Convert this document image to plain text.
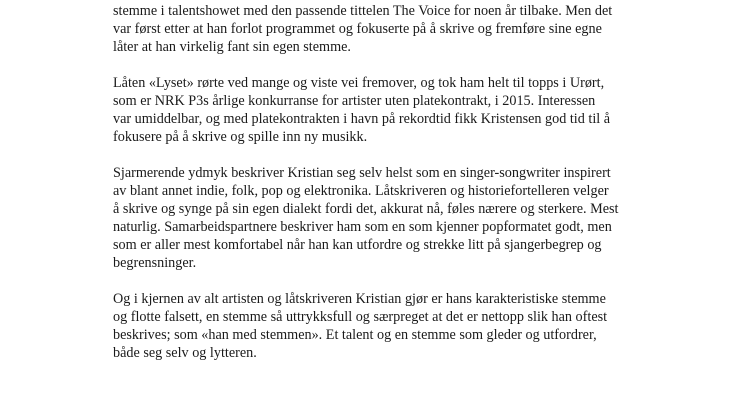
stemme i talentshowet med den passende tittelen The Voice for noen år tilbake. Men det
var først etter at han forlot programmet og fokuserte på å skrive og fremføre sine egne
låter at han virkelig fant sin egen stemme.

Låten «Lyset» rørte ved mange og viste vei fremover, og tok ham helt til topps i Urørt,
som er NRK P3s årlige konkurranse for artister uten platekontrakt, i 2015. Interessen
var umiddelbar, og med platekontrakten i havn på rekordtid fikk Kristensen god tid til å
fokusere på å skrive og spille inn ny musikk.

Sjarmerende ydmyk beskriver Kristian seg selv helst som en singer-songwriter inspirert
av blant annet indie, folk, pop og elektronika. Låtskriveren og historiefortelleren velger
å skrive og synge på sin egen dialekt fordi det, akkurat nå, føles nærere og sterkere. Mest
naturlig. Samarbeidspartnere beskriver ham som en som kjenner popformatet godt, men
som er aller mest komfortabel når han kan utfordre og strekke litt på sjangerbegrep og
begrensninger.

Og i kjernen av alt artisten og låtskriveren Kristian gjør er hans karakteristiske stemme
og flotte falsett, en stemme så uttrykksfull og særpreget at det er nettopp slik han oftest
beskrives; som «han med stemmen». Et talent og en stemme som gleder og utfordrer,
både seg selv og lytteren.
